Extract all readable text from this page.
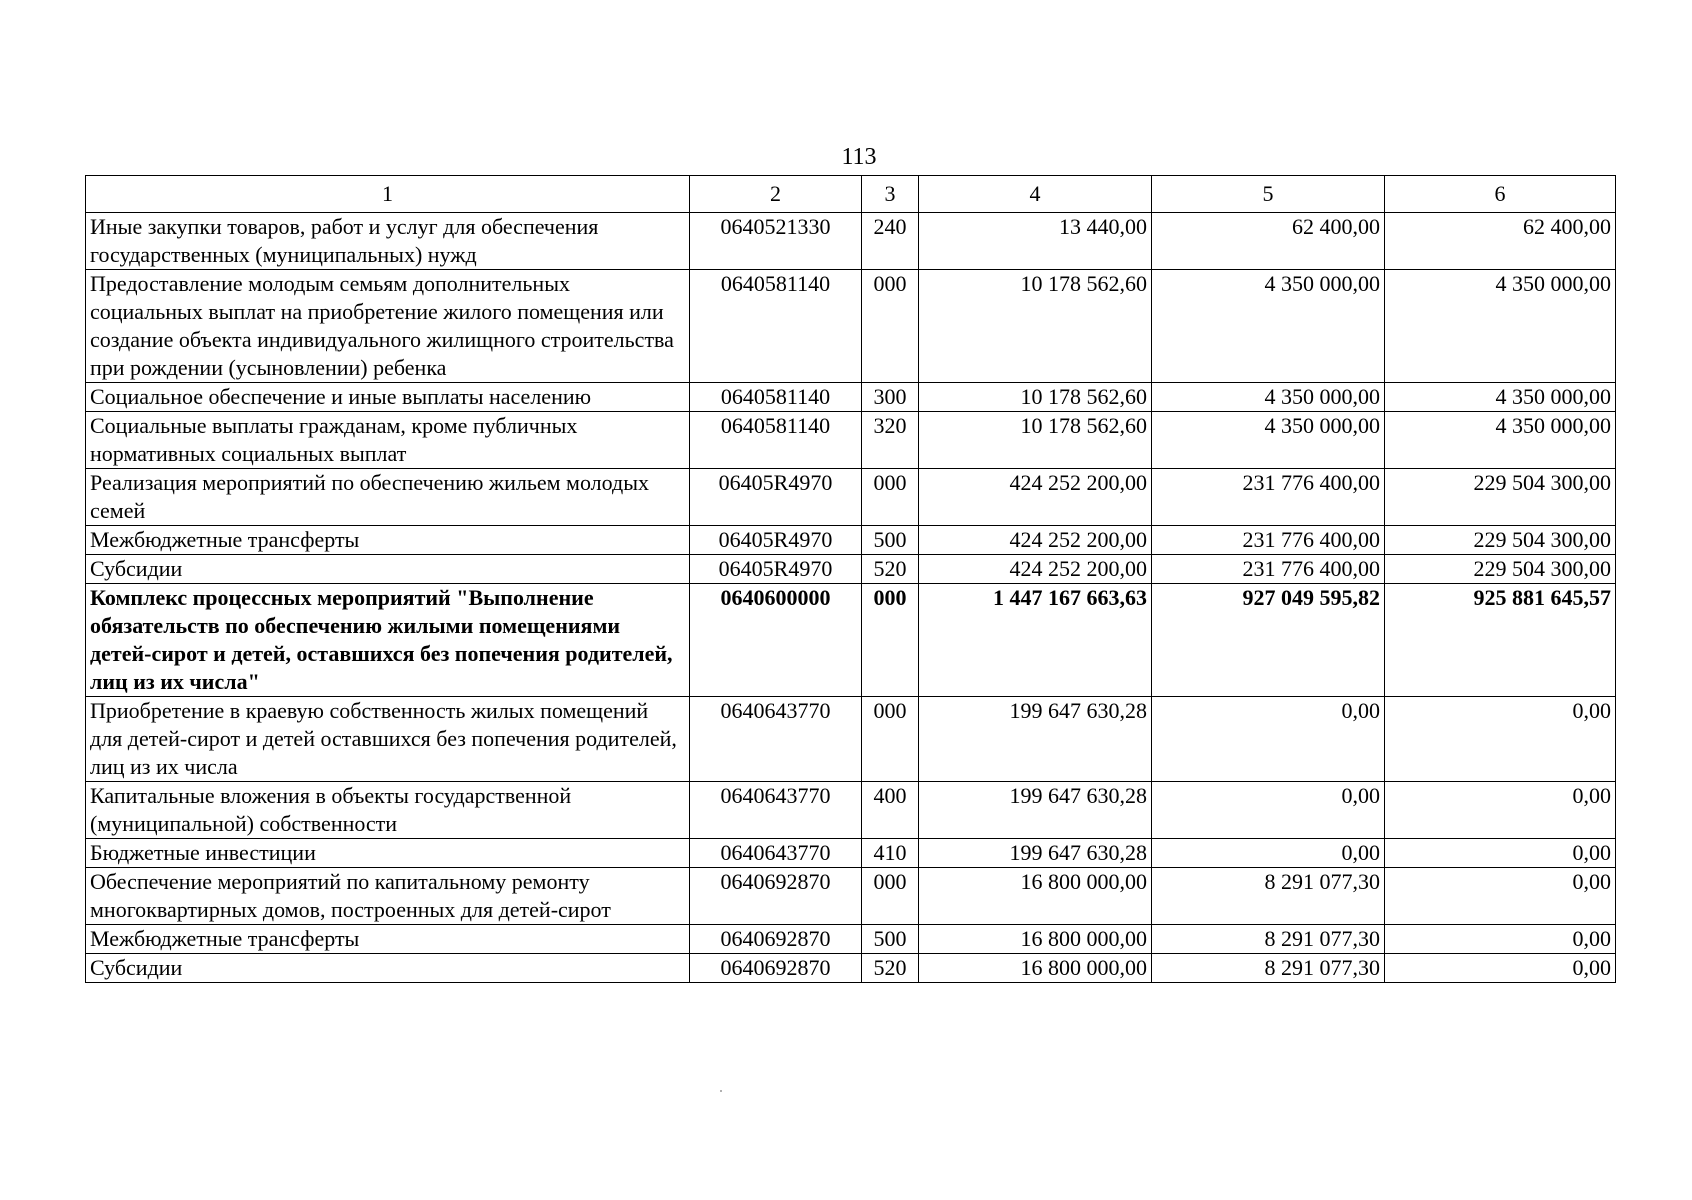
113
1	2	3	4	5	6
Иные закупки товаров, работ и услуг для обеспечения государственных (муниципальных) нужд	0640521330	240	13 440,00	62 400,00	62 400,00
Предоставление молодым семьям дополнительных социальных выплат на приобретение жилого помещения или создание объекта индивидуального жилищного строительства при рождении (усыновлении) ребенка	0640581140	000	10 178 562,60	4 350 000,00	4 350 000,00
Социальное обеспечение и иные выплаты населению	0640581140	300	10 178 562,60	4 350 000,00	4 350 000,00
Социальные выплаты гражданам, кроме публичных нормативных социальных выплат	0640581140	320	10 178 562,60	4 350 000,00	4 350 000,00
Реализация мероприятий по обеспечению жильем молодых семей	06405R4970	000	424 252 200,00	231 776 400,00	229 504 300,00
Межбюджетные трансферты	06405R4970	500	424 252 200,00	231 776 400,00	229 504 300,00
Субсидии	06405R4970	520	424 252 200,00	231 776 400,00	229 504 300,00
Комплекс процессных мероприятий "Выполнение обязательств по обеспечению жилыми помещениями детей-сирот и детей, оставшихся без попечения родителей, лиц из их числа"	0640600000	000	1 447 167 663,63	927 049 595,82	925 881 645,57
Приобретение в краевую собственность жилых помещений для детей-сирот и детей оставшихся без попечения родителей, лиц из их числа	0640643770	000	199 647 630,28	0,00	0,00
Капитальные вложения в объекты государственной (муниципальной) собственности	0640643770	400	199 647 630,28	0,00	0,00
Бюджетные инвестиции	0640643770	410	199 647 630,28	0,00	0,00
Обеспечение мероприятий по капитальному ремонту многоквартирных домов, построенных для детей-сирот	0640692870	000	16 800 000,00	8 291 077,30	0,00
Межбюджетные трансферты	0640692870	500	16 800 000,00	8 291 077,30	0,00
Субсидии	0640692870	520	16 800 000,00	8 291 077,30	0,00
